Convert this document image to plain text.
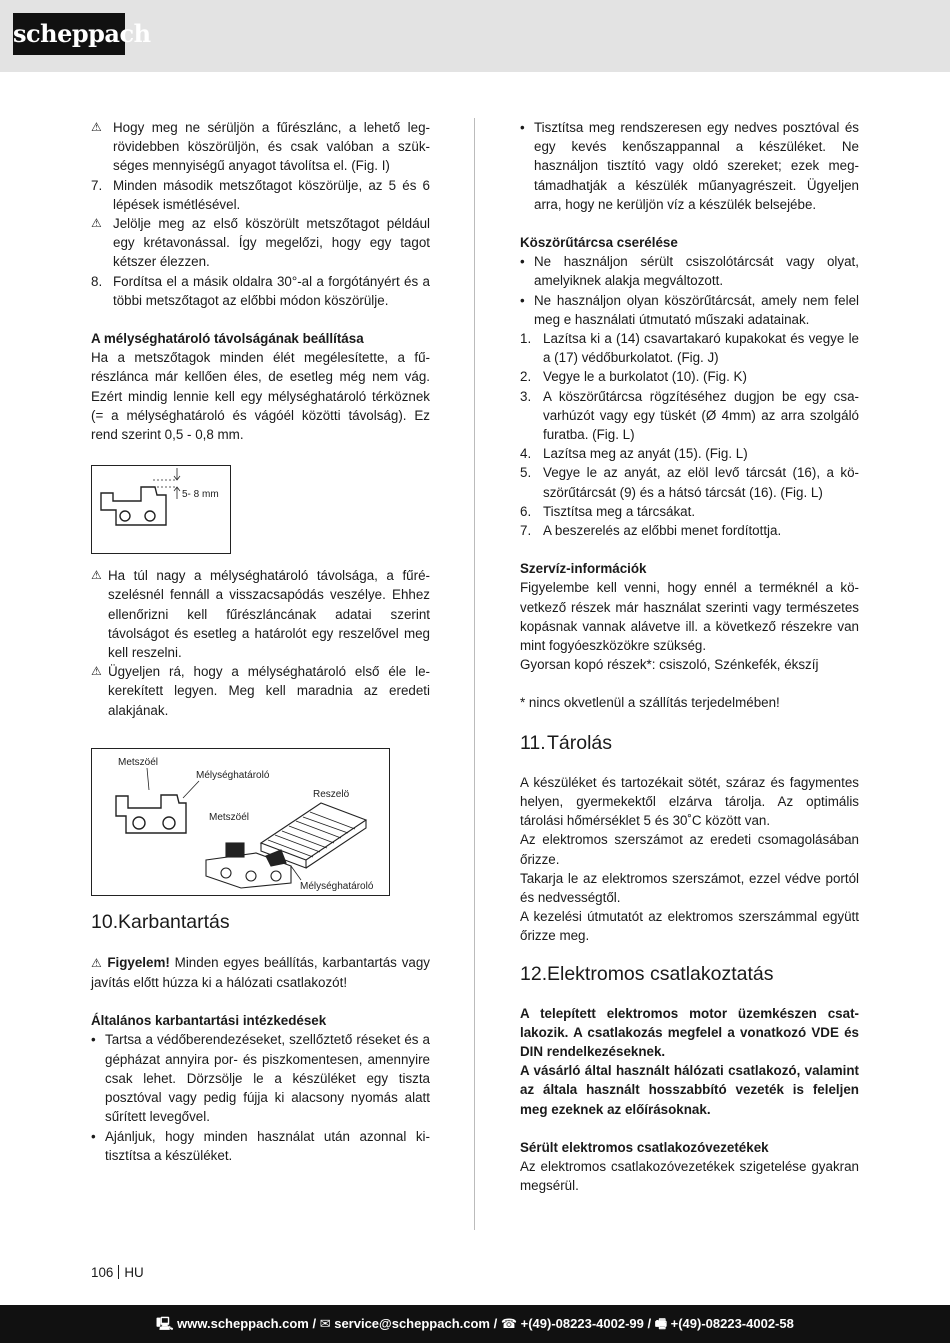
scheppach
⚠ Hogy meg ne sérüljön a fűrészlánc, a lehető legrövidebben köszörüljön, és csak valóban a szükséges mennyiségű anyagot távolítsa el. (Fig. I)
7. Minden második metszőtagot köszörülje, az 5 és 6 lépések ismétlésével.
⚠ Jelölje meg az első köszörült metszőtagot például egy krétavonással. Így megelőzi, hogy egy tagot kétszer élezzen.
8. Fordítsa el a másik oldalra 30°-al a forgótányért és a többi metszőtagot az előbbi módon köszörülje.

A mélységhatároló távolságának beállítása

Ha a metszőtagok minden élét megélesítette, a fűrészlánca már kellően éles, de esetleg még nem vág. Ezért mindig lennie kell egy mélységhatároló térköznek (= a mélységhatároló és vágóél közötti távolság). Ez rend szerint 0,5 - 0,8 mm.

5- 8 mm
⚠ Ha túl nagy a mélységhatároló távolsága, a fűrészelésnél fennáll a visszacsapódás veszélye. Ehhez ellenőrizni kell fűrészláncának adatai szerint távolságot és esetleg a határolót egy reszelővel meg kell reszelni.
⚠ Ügyeljen rá, hogy a mélységhatároló első éle lekerekített legyen. Meg kell maradnia az eredeti alakjának.
Metszöél
Mélységhatároló
Reszelö
Metszöél
Mélységhatároló

10.Karbantartás

⚠ Figyelem! Minden egyes beállítás, karbantartás vagy javítás előtt húzza ki a hálózati csatlakozót!

Általános karbantartási intézkedések

• Tartsa a védőberendezéseket, szellőztető réseket és a gépházat annyira por- és piszkomentesen, amennyire csak lehet. Dörzsölje le a készüléket egy tiszta posztóval vagy pedig fújja ki alacsony nyomás alatt sűrített levegővel.
• Ajánljuk, hogy minden használat után azonnal kitisztítsa a készüléket.
• Tisztítsa meg rendszeresen egy nedves posztóval és egy kevés kenőszappannal a készüléket. Ne használjon tisztító vagy oldó szereket; ezek megtámadhatják a készülék műanyagrészeit. Ügyeljen arra, hogy ne kerüljön víz a készülék belsejébe.

Köszörűtárcsa cserélése

• Ne használjon sérült csiszolótárcsát vagy olyat, amelyiknek alakja megváltozott.
• Ne használjon olyan köszörűtárcsát, amely nem felel meg e használati útmutató műszaki adatainak.
1. Lazítsa ki a (14) csavartakaró kupakokat és vegye le a (17) védőburkolatot. (Fig. J)
2. Vegye le a burkolatot (10). (Fig. K)
3. A köszörűtárcsa rögzítéséhez dugjon be egy csavarhúzót vagy egy tüskét (Ø 4mm) az arra szolgáló furatba. (Fig. L)
4. Lazítsa meg az anyát (15). (Fig. L)
5. Vegye le az anyát, az elöl levő tárcsát (16), a köszörűtárcsát (9) és a hátsó tárcsát (16). (Fig. L)
6. Tisztítsa meg a tárcsákat.
7. A beszerelés az előbbi menet fordítottja.

Szervíz-információk

Figyelembe kell venni, hogy ennél a terméknél a következő részek már használat szerinti vagy természetes kopásnak vannak alávetve ill. a következő részekre van mint fogyóeszközökre szükség.

Gyorsan kopó részek*: csiszoló, Szénkefék, ékszíj

* nincs okvetlenül a szállítás terjedelmében!

11.Tárolás

A készüléket és tartozékait sötét, száraz és fagymentes helyen, gyermekektől elzárva tárolja. Az optimális tárolási hőmérséklet 5 és 30˚C között van.

Az elektromos szerszámot az eredeti csomagolásában őrizze.

Takarja le az elektromos szerszámot, ezzel védve portól és nedvességtől.

A kezelési útmutatót az elektromos szerszámmal együtt őrizze meg.

12.Elektromos csatlakoztatás

A telepített elektromos motor üzemkészen csatlakozik. A csatlakozás megfelel a vonatkozó VDE és DIN rendelkezéseknek.

A vásárló által használt hálózati csatlakozó, valamint az általa használt hosszabbító vezeték is feleljen meg ezeknek az előírásoknak.

Sérült elektromos csatlakozóvezetékek

Az elektromos csatlakozóvezetékek szigetelése gyakran megsérül.

106 HU
🖳 www.scheppach.com / ✉ service@scheppach.com / ☎ +(49)-08223-4002-99 / 🖷 +(49)-08223-4002-58
